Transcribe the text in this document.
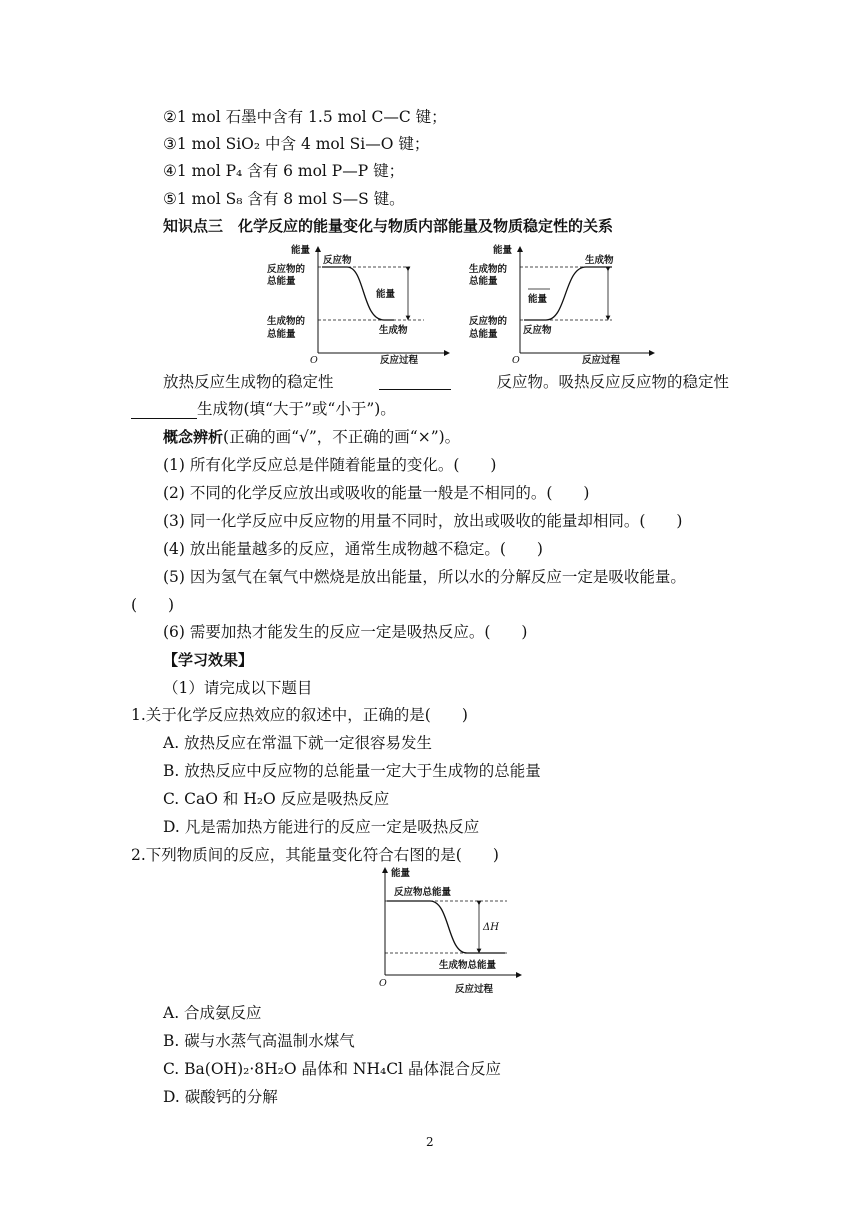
②1 mol 石墨中含有 1.5 mol C—C 键；
③1 mol SiO₂ 中含 4 mol Si—O 键；
④1 mol P₄ 含有 6 mol P—P 键；
⑤1 mol S₈ 含有 8 mol S—S 键。
知识点三　化学反应的能量变化与物质内部能量及物质稳定性的关系
能量
反应物的
总能量
生成物的
总能量
反应物
生成物
能量
O	反应过程
能量
生成物的
总能量
反应物的
总能量
生成物
反应物
能量
O	反应过程
放热反应生成物的稳定性	反应物。吸热反应反应物的稳定性
生成物(填“大于”或“小于”)。
概念辨析(正确的画“√”，不正确的画“×”)。
(1) 所有化学反应总是伴随着能量的变化。(　　)
(2) 不同的化学反应放出或吸收的能量一般是不相同的。(　　)
(3) 同一化学反应中反应物的用量不同时，放出或吸收的能量却相同。(　　)
(4) 放出能量越多的反应，通常生成物越不稳定。(　　)
(5) 因为氢气在氧气中燃烧是放出能量，所以水的分解反应一定是吸收能量。
(　　)
(6) 需要加热才能发生的反应一定是吸热反应。(　　)
【学习效果】
（1）请完成以下题目
1.关于化学反应热效应的叙述中，正确的是(　　)
A. 放热反应在常温下就一定很容易发生
B. 放热反应中反应物的总能量一定大于生成物的总能量
C. CaO 和 H₂O 反应是吸热反应
D. 凡是需加热方能进行的反应一定是吸热反应
2.下列物质间的反应，其能量变化符合右图的是(　　)
能量
反应物总能量
生成物总能量
ΔH
O
反应过程
A. 合成氨反应
B. 碳与水蒸气高温制水煤气
C. Ba(OH)₂·8H₂O 晶体和 NH₄Cl 晶体混合反应
D. 碳酸钙的分解
2
